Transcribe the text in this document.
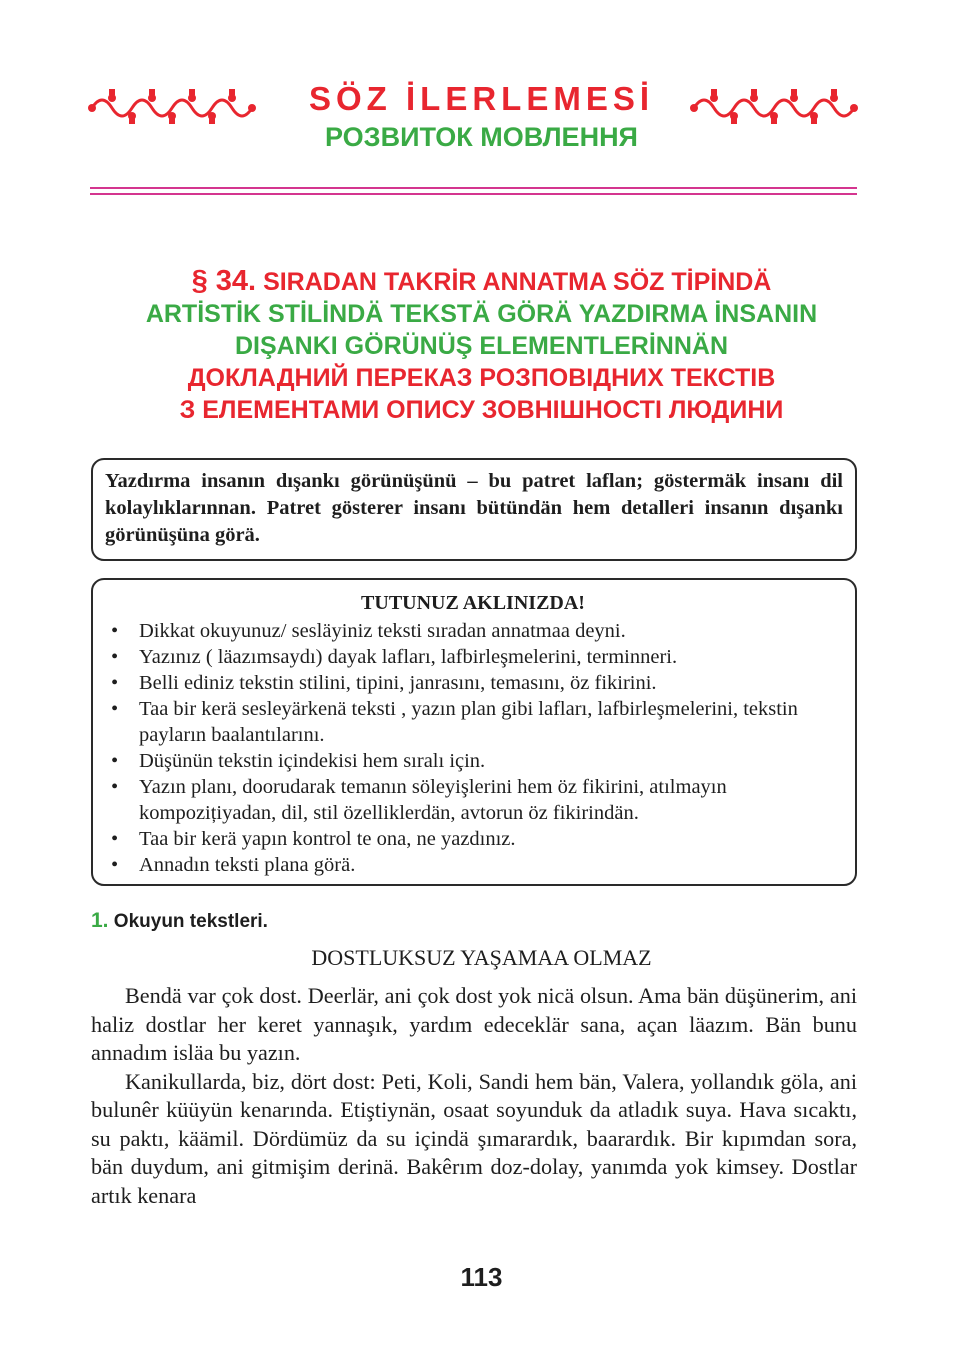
SÖZ İLERLEMESİ
РОЗВИТОК МОВЛЕННЯ
§ 34. SIRADAN TAKRİR ANNATMA SÖZ TİPİNDÄ
ARTİSTİK STİLİNDÄ TEKSTÄ GÖRÄ YAZDIRMA İNSANIN
DIŞANKI GÖRÜNÜŞ ELEMENTLERİNNÄN
ДОКЛАДНИЙ ПЕРЕКАЗ РОЗПОВІДНИХ ТЕКСТІВ
З ЕЛЕМЕНТАМИ ОПИСУ ЗОВНІШНОСТІ ЛЮДИНИ
Yazdırma insanın dışankı görünüşünü – bu patret laflan; göstermäk insanı dil kolaylıklarınnan. Patret gösterer insanı bütündän hem detalleri insanın dışankı görünüşüna görä.
TUTUNUZ AKLINIZDA!
• Dikkat okuyunuz/ sesläyiniz teksti sıradan annatmaa deyni.
• Yazınız ( läazımsaydı) dayak lafları, lafbirleşmelerini, terminneri.
• Belli ediniz tekstin stilini, tipini, janrasını, temasını, öz fikirini.
• Taa bir kerä sesleyärkenä teksti , yazın plan gibi lafları, lafbirleşmelerini, tekstin payların baalantılarını.
• Düşünün tekstin içindekisi hem sıralı için.
• Yazın planı, doorudarak temanın söleyişlerini hem öz fikirini, atılmayın kompozițiyadan, dil, stil özelliklerdän, avtorun öz fikirindän.
• Taa bir kerä yapın kontrol te ona, ne yazdınız.
• Annadın teksti plana görä.
1. Okuyun tekstleri.
DOSTLUKSUZ YAŞAMAA OLMAZ

Bendä var çok dost. Deerlär, ani çok dost yok nicä olsun. Ama bän düşünerim, ani haliz dostlar her keret yannaşık, yardım edeceklär sana, açan läazım. Bän bunu annadım isläa bu yazın.

Kanikullarda, biz, dört dost: Peti, Koli, Sandi hem bän, Valera, yollandık göla, ani bulunêr küüyün kenarında. Etiştiynän, osaat soyunduk da atladık suya. Hava sıcaktı, su paktı, käämil. Dördümüz da su içindä şımarardık, baarardık. Bir kıpımdan sora, bän duydum, ani gitmişim derinä. Bakêrım doz-dolay, yanımda yok kimsey. Dostlar artık kenara

113
